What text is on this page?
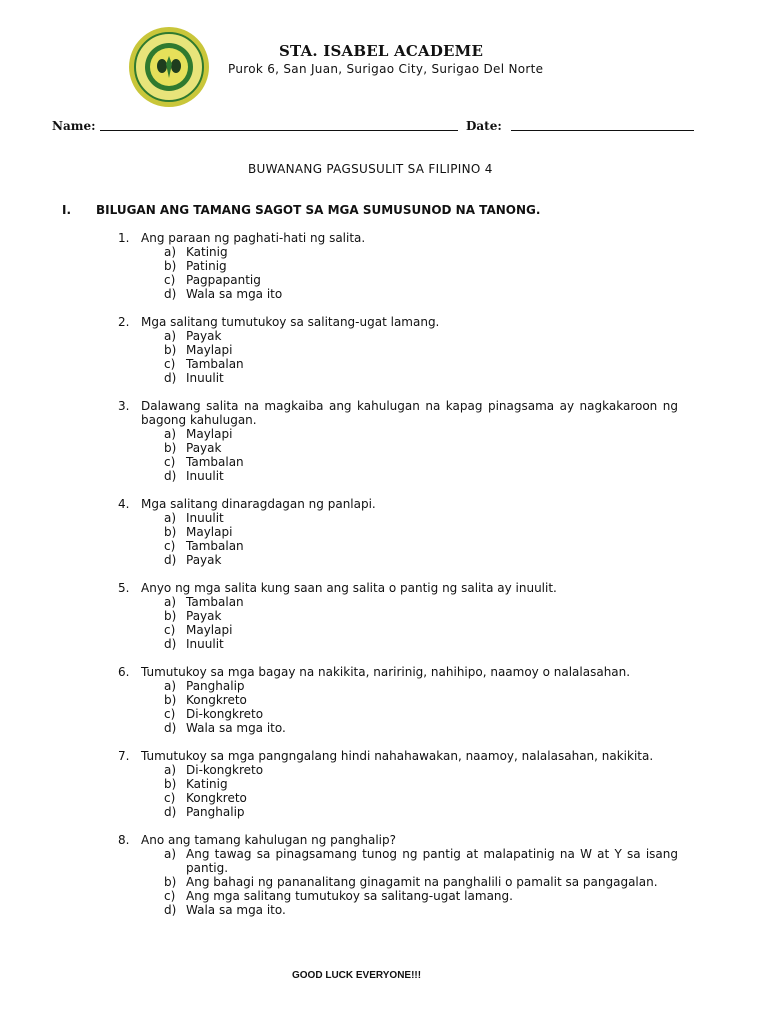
STA. ISABEL ACADEME
Purok 6, San Juan, Surigao City, Surigao Del Norte
Name:	Date:
BUWANANG PAGSUSULIT SA FILIPINO 4
I. BILUGAN ANG TAMANG SAGOT SA MGA SUMUSUNOD NA TANONG.
1. Ang paraan ng paghati-hati ng salita.
a) Katinig
b) Patinig
c) Pagpapantig
d) Wala sa mga ito
2. Mga salitang tumutukoy sa salitang-ugat lamang.
a) Payak
b) Maylapi
c) Tambalan
d) Inuulit
3. Dalawang salita na magkaiba ang kahulugan na kapag pinagsama ay nagkakaroon ng bagong kahulugan.
a) Maylapi
b) Payak
c) Tambalan
d) Inuulit
4. Mga salitang dinaragdagan ng panlapi.
a) Inuulit
b) Maylapi
c) Tambalan
d) Payak
5. Anyo ng mga salita kung saan ang salita o pantig ng salita ay inuulit.
a) Tambalan
b) Payak
c) Maylapi
d) Inuulit
6. Tumutukoy sa mga bagay na nakikita, naririnig, nahihipo, naamoy o nalalasahan.
a) Panghalip
b) Kongkreto
c) Di-kongkreto
d) Wala sa mga ito.
7. Tumutukoy sa mga pangngalang hindi nahahawakan, naamoy, nalalasahan, nakikita.
a) Di-kongkreto
b) Katinig
c) Kongkreto
d) Panghalip
8. Ano ang tamang kahulugan ng panghalip?
a) Ang tawag sa pinagsamang tunog ng pantig at malapatinig na W at Y sa isang pantig.
b) Ang bahagi ng pananalitang ginagamit na panghalili o pamalit sa pangagalan.
c) Ang mga salitang tumutukoy sa salitang-ugat lamang.
d) Wala sa mga ito.
GOOD LUCK EVERYONE!!!
